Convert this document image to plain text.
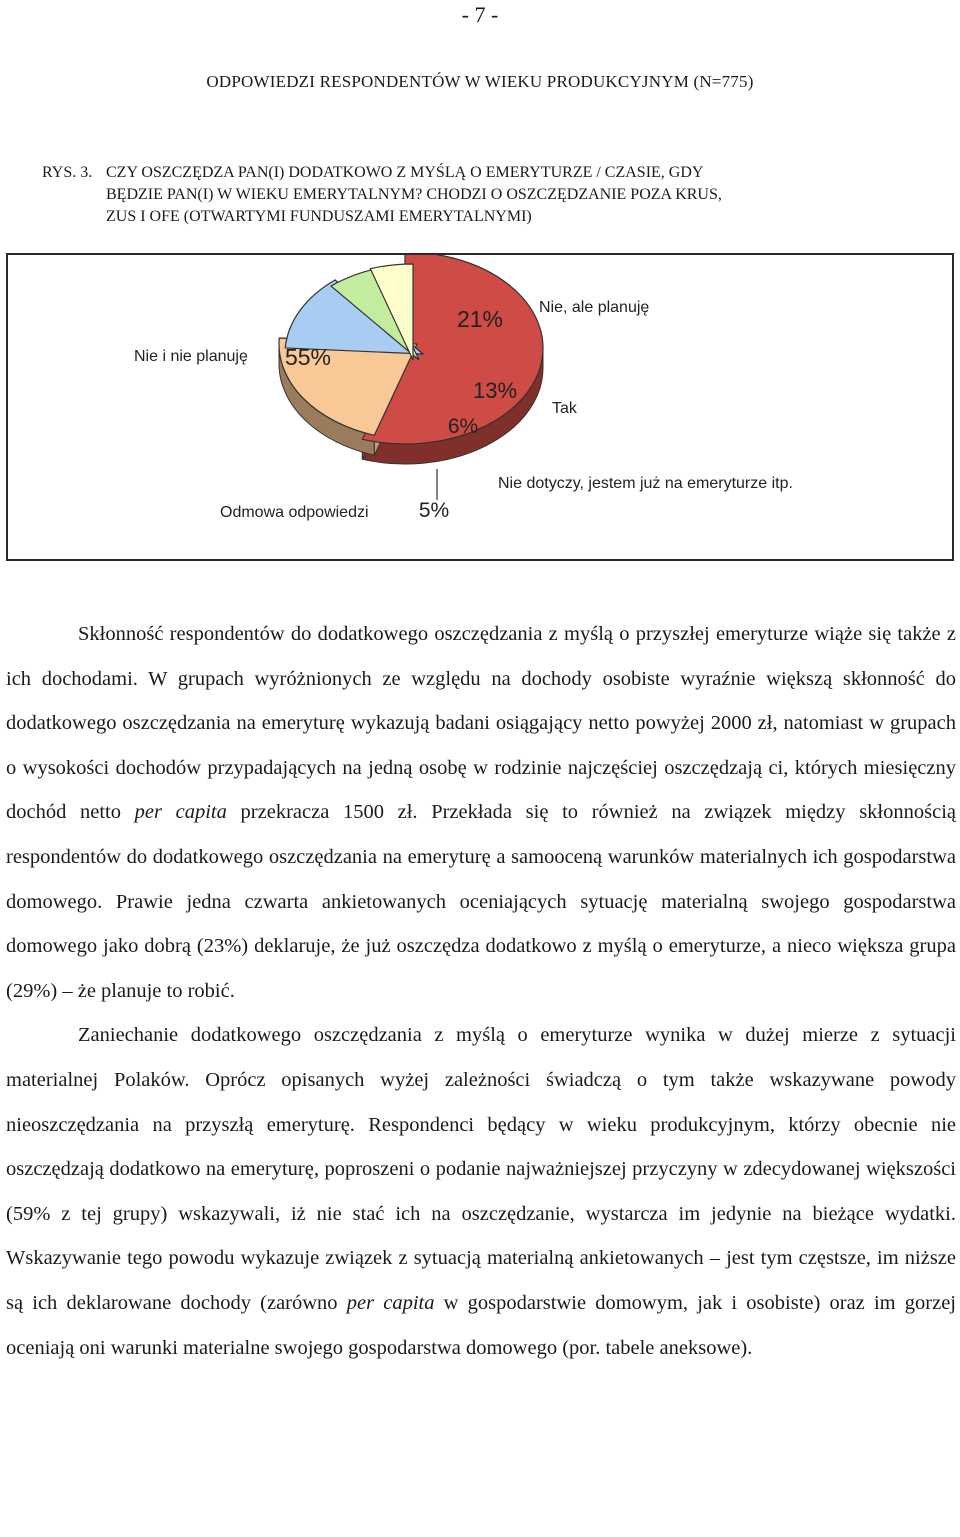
- 7 -
ODPOWIEDZI RESPONDENTÓW W WIEKU PRODUKCYJNYM (N=775)
RYS. 3. CZY OSZCZĘDZA PAN(I) DODATKOWO Z MYŚLĄ O EMERYTURZE / CZASIE, GDY
BĘDZIE PAN(I) W WIEKU EMERYTALNYM? CHODZI O OSZCZĘDZANIE POZA KRUS,
ZUS I OFE (OTWARTYMI FUNDUSZAMI EMERYTALNYMI)
55%
21%
13%
6%
5%
Nie i nie planuję
Nie, ale planuję
Tak
Nie dotyczy, jestem już na emeryturze itp.
Odmowa odpowiedzi

Skłonność respondentów do dodatkowego oszczędzania z myślą o przyszłej emeryturze wiąże się także z ich dochodami. W grupach wyróżnionych ze względu na dochody osobiste wyraźnie większą skłonność do dodatkowego oszczędzania na emeryturę wykazują badani osiągający netto powyżej 2000 zł, natomiast w grupach o wysokości dochodów przypadających na jedną osobę w rodzinie najczęściej oszczędzają ci, których miesięczny dochód netto per capita przekracza 1500 zł. Przekłada się to również na związek między skłonnością respondentów do dodatkowego oszczędzania na emeryturę a samooceną warunków materialnych ich gospodarstwa domowego. Prawie jedna czwarta ankietowanych oceniających sytuację materialną swojego gospodarstwa domowego jako dobrą (23%) deklaruje, że już oszczędza dodatkowo z myślą o emeryturze, a nieco większa grupa (29%) – że planuje to robić.

Zaniechanie dodatkowego oszczędzania z myślą o emeryturze wynika w dużej mierze z sytuacji materialnej Polaków. Oprócz opisanych wyżej zależności świadczą o tym także wskazywane powody nieoszczędzania na przyszłą emeryturę. Respondenci będący w wieku produkcyjnym, którzy obecnie nie oszczędzają dodatkowo na emeryturę, poproszeni o podanie najważniejszej przyczyny w zdecydowanej większości (59% z tej grupy) wskazywali, iż nie stać ich na oszczędzanie, wystarcza im jedynie na bieżące wydatki. Wskazywanie tego powodu wykazuje związek z sytuacją materialną ankietowanych – jest tym częstsze, im niższe są ich deklarowane dochody (zarówno per capita w gospodarstwie domowym, jak i osobiste) oraz im gorzej oceniają oni warunki materialne swojego gospodarstwa domowego (por. tabele aneksowe).
